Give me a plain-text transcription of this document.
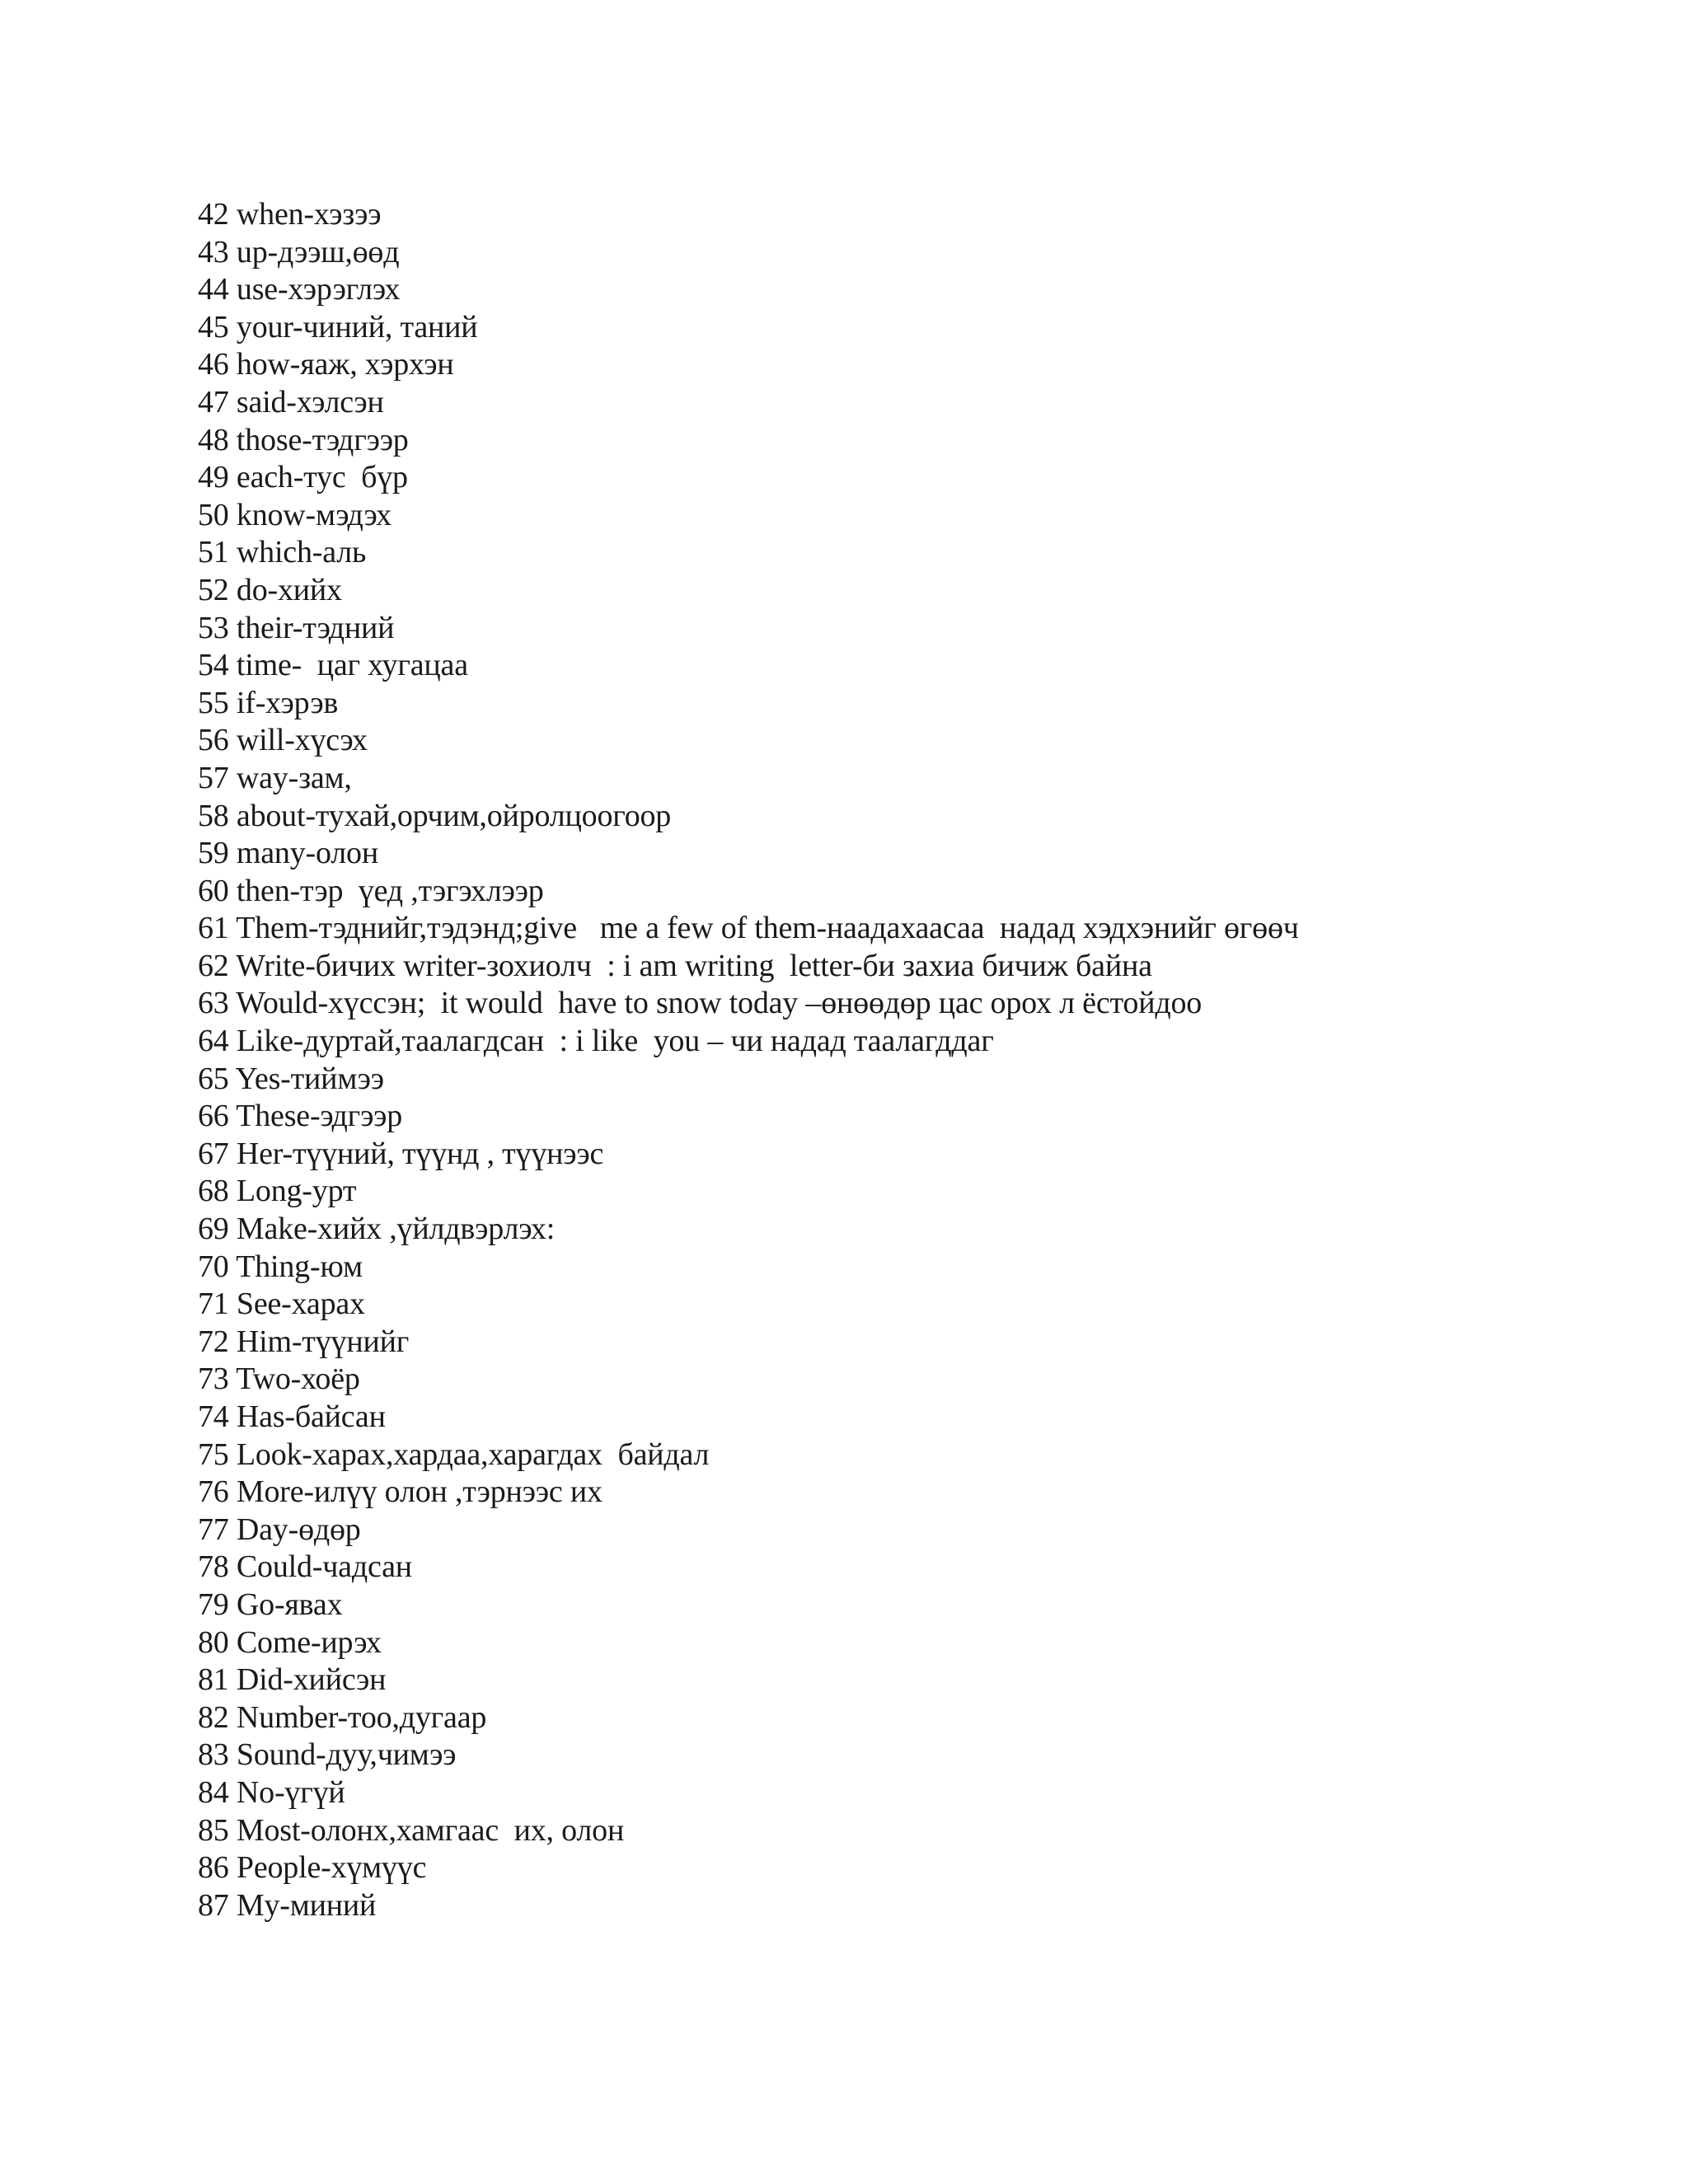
42 when-хэзээ
43 up-дээш,өөд
44 use-хэрэглэх
45 your-чиний, таний
46 how-яаж, хэрхэн
47 said-хэлсэн
48 those-тэдгээр
49 each-тус  бүр
50 know-мэдэх
51 which-аль
52 do-хийх
53 their-тэдний
54 time-  цаг хугацаа
55 if-хэрэв
56 will-хүсэх
57 way-зам,
58 about-тухай,орчим,ойролцоогоор
59 many-олон
60 then-тэр  үед ,тэгэхлээр
61 Them-тэднийг,тэдэнд;give   me a few of them-наадахаасаа  надад хэдхэнийг өгөөч
62 Write-бичих writer-зохиолч  : i am writing  letter-би захиа бичиж байна
63 Would-хүссэн;  it would  have to snow today –өнөөдөр цас орох л ёстойдоо
64 Like-дуртай,таалагдсан  : i like  you – чи надад таалагддаг
65 Yes-тиймээ
66 These-эдгээр
67 Her-түүний, түүнд , түүнээс
68 Long-урт
69 Make-хийх ,үйлдвэрлэх:
70 Thing-юм
71 See-харах
72 Him-түүнийг
73 Two-хоёр
74 Has-байсан
75 Look-харах,хардаа,харагдах  байдал
76 More-илүү олон ,тэрнээс их
77 Day-өдөр
78 Could-чадсан
79 Go-явах
80 Come-ирэх
81 Did-хийсэн
82 Number-тоо,дугаар
83 Sound-дуу,чимээ
84 No-үгүй
85 Most-олонх,хамгаас  их, олон
86 People-хүмүүс
87 My-миний
